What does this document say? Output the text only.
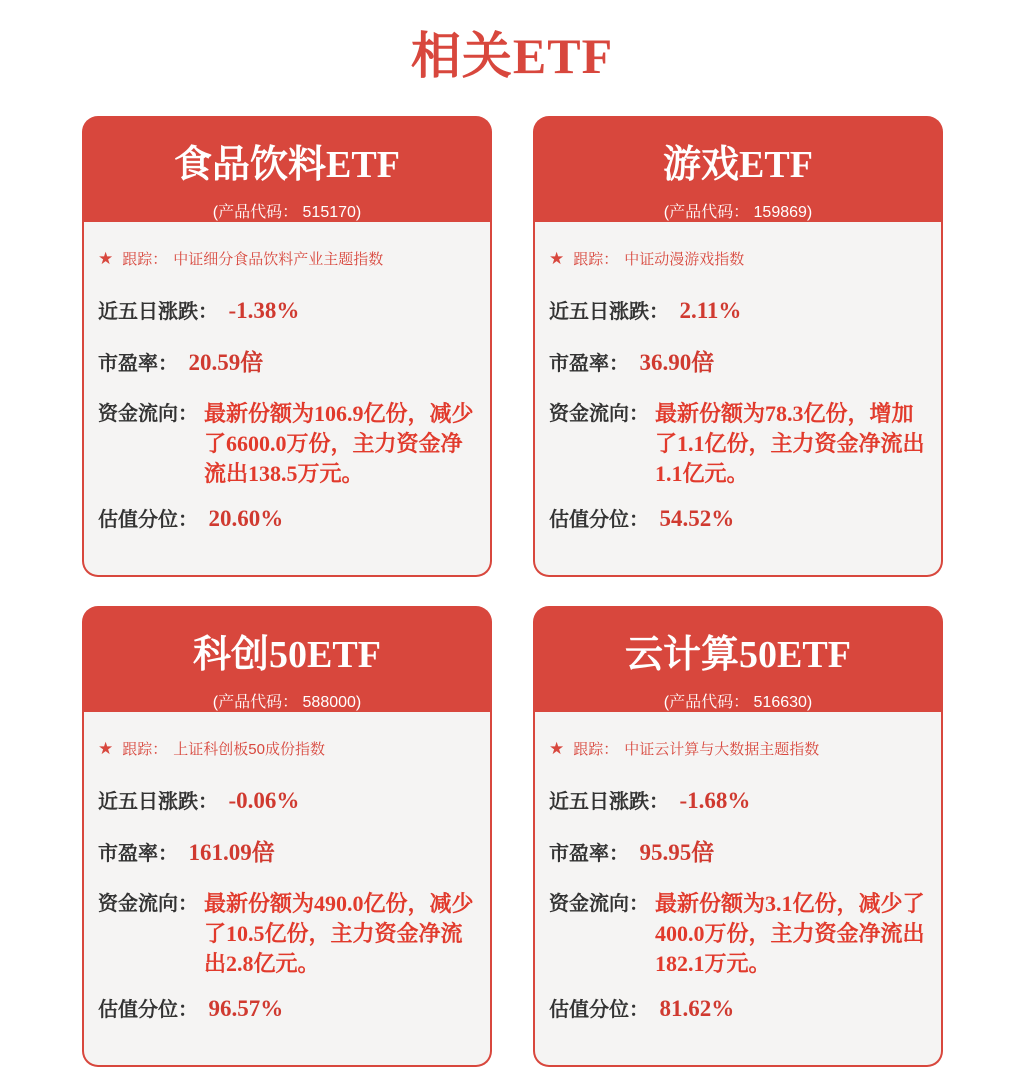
相关ETF
食品饮料ETF
(产品代码： 515170)
★ 跟踪： 中证细分食品饮料产业主题指数
近五日涨跌： -1.38%
市盈率： 20.59倍
资金流向： 最新份额为106.9亿份，减少了6600.0万份，主力资金净流出138.5万元。
估值分位： 20.60%
游戏ETF
(产品代码： 159869)
★ 跟踪： 中证动漫游戏指数
近五日涨跌： 2.11%
市盈率： 36.90倍
资金流向： 最新份额为78.3亿份，增加了1.1亿份，主力资金净流出1.1亿元。
估值分位： 54.52%
科创50ETF
(产品代码： 588000)
★ 跟踪： 上证科创板50成份指数
近五日涨跌： -0.06%
市盈率： 161.09倍
资金流向： 最新份额为490.0亿份，减少了10.5亿份，主力资金净流出2.8亿元。
估值分位： 96.57%
云计算50ETF
(产品代码： 516630)
★ 跟踪： 中证云计算与大数据主题指数
近五日涨跌： -1.68%
市盈率： 95.95倍
资金流向： 最新份额为3.1亿份，减少了400.0万份，主力资金净流出182.1万元。
估值分位： 81.62%
